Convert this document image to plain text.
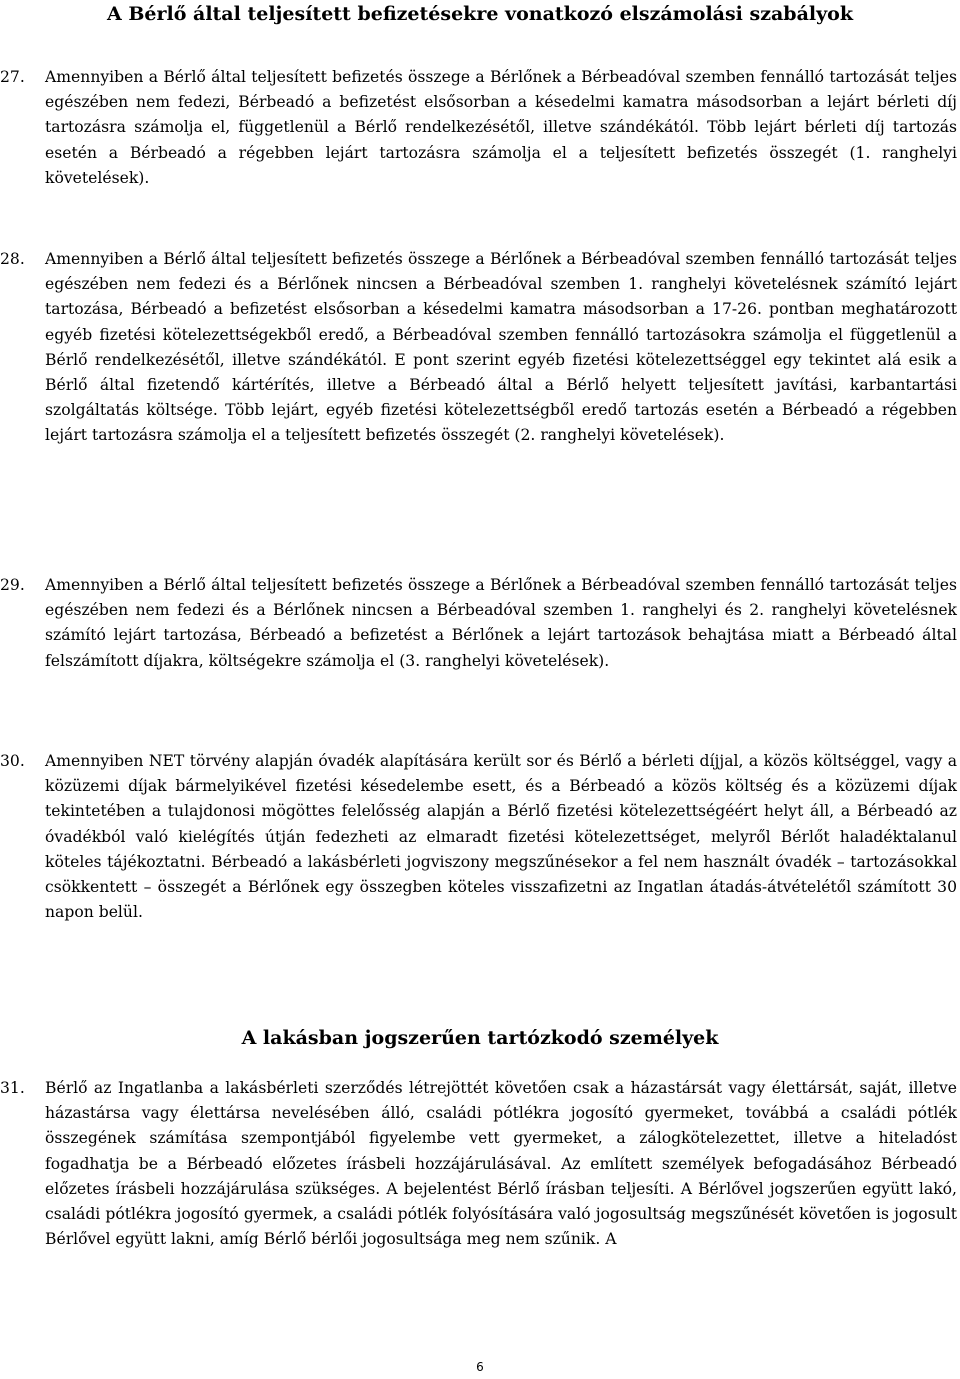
A Bérlő által teljesített befizetésekre vonatkozó elszámolási szabályok

27.	Amennyiben a Bérlő által teljesített befizetés összege a Bérlőnek a Bérbeadóval szemben fennálló tartozását teljes egészében nem fedezi, Bérbeadó a befizetést elsősorban a késedelmi kamatra másodsorban a lejárt bérleti díj tartozásra számolja el, függetlenül a Bérlő rendelkezésétől, illetve szándékától. Több lejárt bérleti díj tartozás esetén a Bérbeadó a régebben lejárt tartozásra számolja el a teljesített befizetés összegét (1. ranghelyi követelések).

28.	Amennyiben a Bérlő által teljesített befizetés összege a Bérlőnek a Bérbeadóval szemben fennálló tartozását teljes egészében nem fedezi és a Bérlőnek nincsen a Bérbeadóval szemben 1. ranghelyi követelésnek számító lejárt tartozása, Bérbeadó a befizetést elsősorban a késedelmi kamatra másodsorban a 17-26. pontban meghatározott egyéb fizetési kötelezettségekből eredő, a Bérbeadóval szemben fennálló tartozásokra számolja el függetlenül a Bérlő rendelkezésétől, illetve szándékától. E pont szerint egyéb fizetési kötelezettséggel egy tekintet alá esik a Bérlő által fizetendő kártérítés, illetve a Bérbeadó által a Bérlő helyett teljesített javítási, karbantartási szolgáltatás költsége. Több lejárt, egyéb fizetési kötelezettségből eredő tartozás esetén a Bérbeadó a régebben lejárt tartozásra számolja el a teljesített befizetés összegét (2. ranghelyi követelések).

29.	Amennyiben a Bérlő által teljesített befizetés összege a Bérlőnek a Bérbeadóval szemben fennálló tartozását teljes egészében nem fedezi és a Bérlőnek nincsen a Bérbeadóval szemben 1. ranghelyi és 2. ranghelyi követelésnek számító lejárt tartozása, Bérbeadó a befizetést a Bérlőnek a lejárt tartozások behajtása miatt a Bérbeadó által felszámított díjakra, költségekre számolja el (3. ranghelyi követelések).

30.	Amennyiben NET törvény alapján óvadék alapítására került sor és Bérlő a bérleti díjjal, a közös költséggel, vagy a közüzemi díjak bármelyikével fizetési késedelembe esett, és a Bérbeadó a közös költség és a közüzemi díjak tekintetében a tulajdonosi mögöttes felelősség alapján a Bérlő fizetési kötelezettségéért helyt áll, a Bérbeadó az óvadékból való kielégítés útján fedezheti az elmaradt fizetési kötelezettséget, melyről Bérlőt haladéktalanul köteles tájékoztatni. Bérbeadó a lakásbérleti jogviszony megszűnésekor a fel nem használt óvadék – tartozásokkal csökkentett – összegét a Bérlőnek egy összegben köteles visszafizetni az Ingatlan átadás-átvételétől számított 30 napon belül.

A lakásban jogszerűen tartózkodó személyek

31.	Bérlő az Ingatlanba a lakásbérleti szerződés létrejöttét követően csak a házastársát vagy élettársát, saját, illetve házastársa vagy élettársa nevelésében álló, családi pótlékra jogosító gyermeket, továbbá a családi pótlék összegének számítása szempontjából figyelembe vett gyermeket, a zálogkötelezettet, illetve a hiteladóst fogadhatja be a Bérbeadó előzetes írásbeli hozzájárulásával. Az említett személyek befogadásához Bérbeadó előzetes írásbeli hozzájárulása szükséges. A bejelentést Bérlő írásban teljesíti. A Bérlővel jogszerűen együtt lakó, családi pótlékra jogosító gyermek, a családi pótlék folyósítására való jogosultság megszűnését követően is jogosult Bérlővel együtt lakni, amíg Bérlő bérlői jogosultsága meg nem szűnik. A

6
